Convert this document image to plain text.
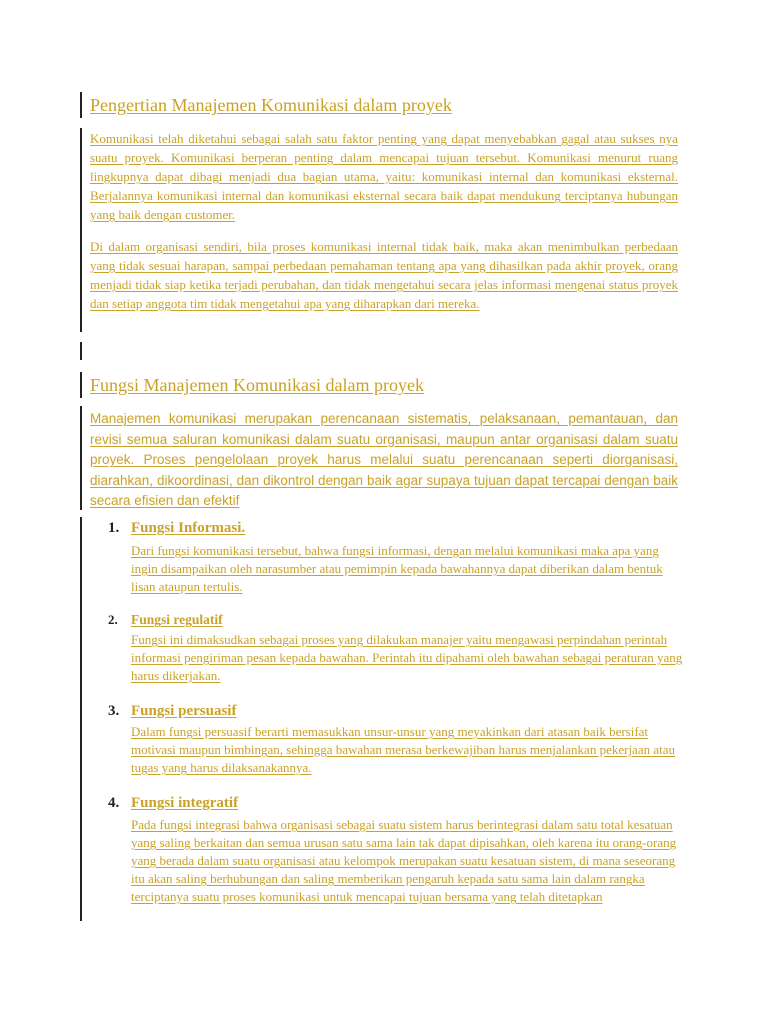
Pengertian Manajemen Komunikasi dalam proyek
Komunikasi telah diketahui sebagai salah satu faktor penting yang dapat menyebabkan gagal atau sukses nya suatu proyek. Komunikasi berperan penting dalam mencapai tujuan tersebut. Komunikasi menurut ruang lingkupnya dapat dibagi menjadi dua bagian utama, yaitu: komunikasi internal dan komunikasi eksternal. Berjalannya komunikasi internal dan komunikasi eksternal secara baik dapat mendukung terciptanya hubungan yang baik dengan customer.
Di dalam organisasi sendiri, bila proses komunikasi internal tidak baik, maka akan menimbulkan perbedaan yang tidak sesuai harapan, sampai perbedaan pemahaman tentang apa yang dihasilkan pada akhir proyek, orang menjadi tidak siap ketika terjadi perubahan, dan tidak mengetahui secara jelas informasi mengenai status proyek dan setiap anggota tim tidak mengetahui apa yang diharapkan dari mereka.
Fungsi Manajemen Komunikasi dalam proyek
Manajemen komunikasi merupakan perencanaan sistematis, pelaksanaan, pemantauan, dan revisi semua saluran komunikasi dalam suatu organisasi, maupun antar organisasi dalam suatu proyek. Proses pengelolaan proyek harus melalui suatu perencanaan seperti diorganisasi, diarahkan, dikoordinasi, dan dikontrol dengan baik agar supaya tujuan dapat tercapai dengan baik secara efisien dan efektif
1. Fungsi Informasi.
Dari fungsi komunikasi tersebut, bahwa fungsi informasi, dengan melalui komunikasi maka apa yang ingin disampaikan oleh narasumber atau pemimpin kepada bawahannya dapat diberikan dalam bentuk lisan ataupun tertulis.
2. Fungsi regulatif
Fungsi ini dimaksudkan sebagai proses yang dilakukan manajer yaitu mengawasi perpindahan perintah informasi pengiriman pesan kepada bawahan. Perintah itu dipahami oleh bawahan sebagai peraturan yang harus dikerjakan.
3. Fungsi persuasif
Dalam fungsi persuasif berarti memasukkan unsur-unsur yang meyakinkan dari atasan baik bersifat motivasi maupun bimbingan, sehingga bawahan merasa berkewajiban harus menjalankan pekerjaan atau tugas yang harus dilaksanakannya.
4. Fungsi integratif
Pada fungsi integrasi bahwa organisasi sebagai suatu sistem harus berintegrasi dalam satu total kesatuan yang saling berkaitan dan semua urusan satu sama lain tak dapat dipisahkan, oleh karena itu orang-orang yang berada dalam suatu organisasi atau kelompok merupakan suatu kesatuan sistem, di mana seseorang itu akan saling berhubungan dan saling memberikan pengaruh kepada satu sama lain dalam rangka terciptanya suatu proses komunikasi untuk mencapai tujuan bersama yang telah ditetapkan
